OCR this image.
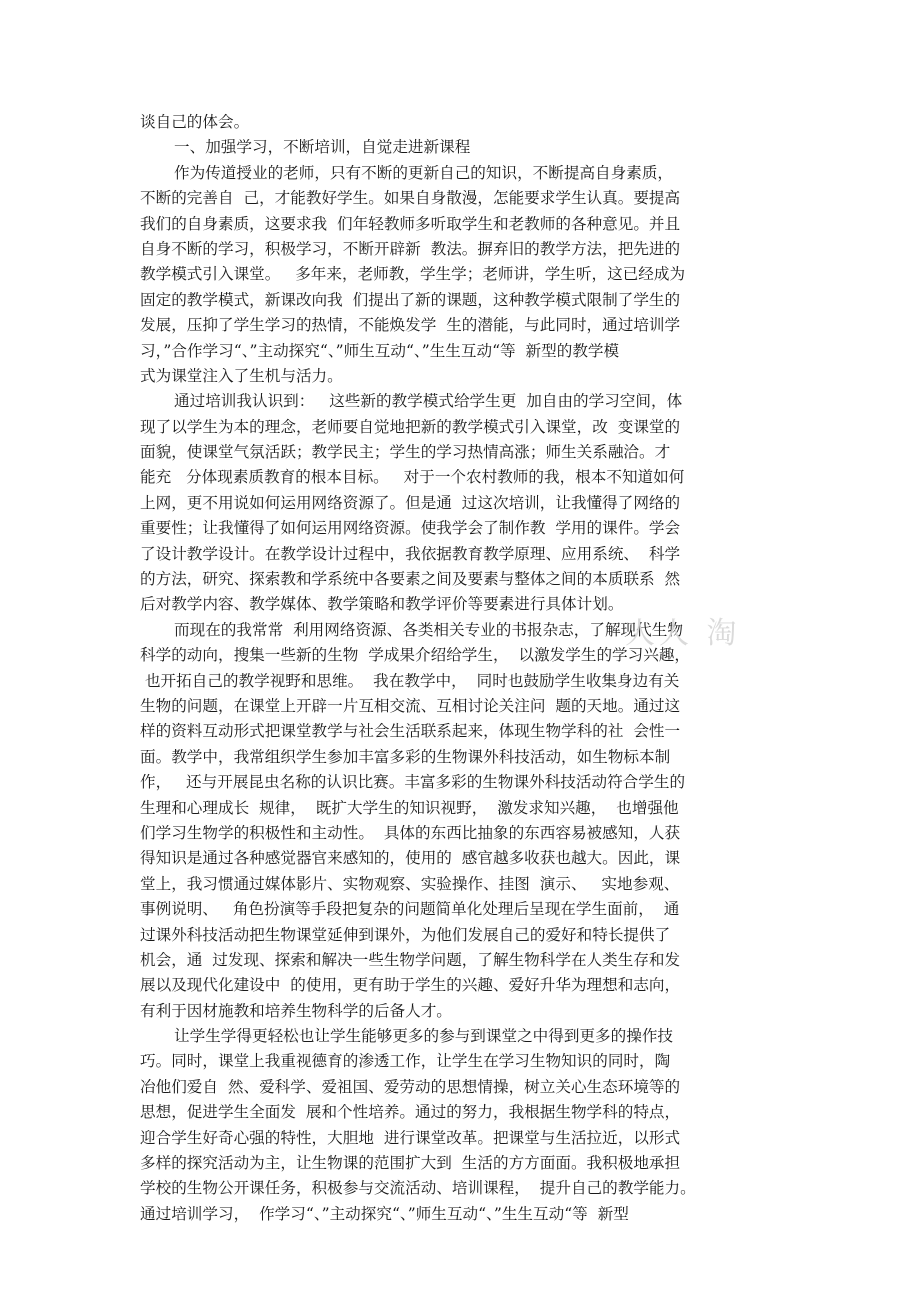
谈自己的体会。
一、加强学习，不断培训，自觉走进新课程
作为传道授业的老师，只有不断的更新自己的知识，不断提高自身素质，
不断的完善自  己，才能教好学生。如果自身散漫，怎能要求学生认真。要提高
我们的自身素质，这要求我  们年轻教师多听取学生和老教师的各种意见。并且
自身不断的学习，积极学习，不断开辟新  教法。摒弃旧的教学方法，把先进的
教学模式引入课堂。   多年来，老师教，学生学；老师讲，学生听，这已经成为
固定的教学模式，新课改向我  们提出了新的课题，这种教学模式限制了学生的
发展，压抑了学生学习的热情，不能焕发学  生的潜能，与此同时，通过培训学
习，”合作学习“、”主动探究“、”师生互动“、”生生互动“等  新型的教学模
式为课堂注入了生机与活力。
通过培训我认识到：   这些新的教学模式给学生更  加自由的学习空间，体
现了以学生为本的理念，老师要自觉地把新的教学模式引入课堂，改  变课堂的
面貌，使课堂气氛活跃；教学民主；学生的学习热情高涨；师生关系融洽。才
能充   分体现素质教育的根本目标。   对于一个农村教师的我，根本不知道如何
上网，更不用说如何运用网络资源了。但是通  过这次培训，让我懂得了网络的
重要性；让我懂得了如何运用网络资源。使我学会了制作教  学用的课件。学会
了设计教学设计。在教学设计过程中，我依据教育教学原理、应用系统、  科学
的方法，研究、探索教和学系统中各要素之间及要素与整体之间的本质联系  然
后对教学内容、教学媒体、教学策略和教学评价等要素进行具体计划。
而现在的我常常  利用网络资源、各类相关专业的书报杂志，了解现代生物
科学的动向，搜集一些新的生物  学成果介绍给学生，  以激发学生的学习兴趣，
也开拓自己的教学视野和思维。  我在教学中，  同时也鼓励学生收集身边有关
生物的问题，在课堂上开辟一片互相交流、互相讨论关注问  题的天地。通过这
样的资料互动形式把课堂教学与社会生活联系起来，体现生物学科的社  会性一
面。教学中，我常组织学生参加丰富多彩的生物课外科技活动，如生物标本制
作，   还与开展昆虫名称的认识比赛。丰富多彩的生物课外科技活动符合学生的
生理和心理成长  规律，  既扩大学生的知识视野，  激发求知兴趣，  也增强他
们学习生物学的积极性和主动性。  具体的东西比抽象的东西容易被感知，人获
得知识是通过各种感觉器官来感知的，使用的  感官越多收获也越大。因此，课
堂上，我习惯通过媒体影片、实物观察、实验操作、挂图  演示、   实地参观、
事例说明、   角色扮演等手段把复杂的问题简单化处理后呈现在学生面前，  通
过课外科技活动把生物课堂延伸到课外，为他们发展自己的爱好和特长提供了
机会，通  过发现、探索和解决一些生物学问题，了解生物科学在人类生存和发
展以及现代化建设中  的使用，更有助于学生的兴趣、爱好升华为理想和志向，
有利于因材施教和培养生物科学的后备人才。
让学生学得更轻松也让学生能够更多的参与到课堂之中得到更多的操作技
巧。同时，课堂上我重视德育的渗透工作，让学生在学习生物知识的同时，陶
冶他们爱自  然、爱科学、爱祖国、爱劳动的思想情操，树立关心生态环境等的
思想，促进学生全面发  展和个性培养。通过的努力，我根据生物学科的特点，
迎合学生好奇心强的特性，大胆地  进行课堂改革。把课堂与生活拉近，以形式
多样的探究活动为主，让生物课的范围扩大到  生活的方方面面。我积极地承担
学校的生物公开课任务，积极参与交流活动、培训课程，  提升自己的教学能力。
通过培训学习，  作学习“、”主动探究“、”师生互动“、”生生互动“等  新型
人人 淘
